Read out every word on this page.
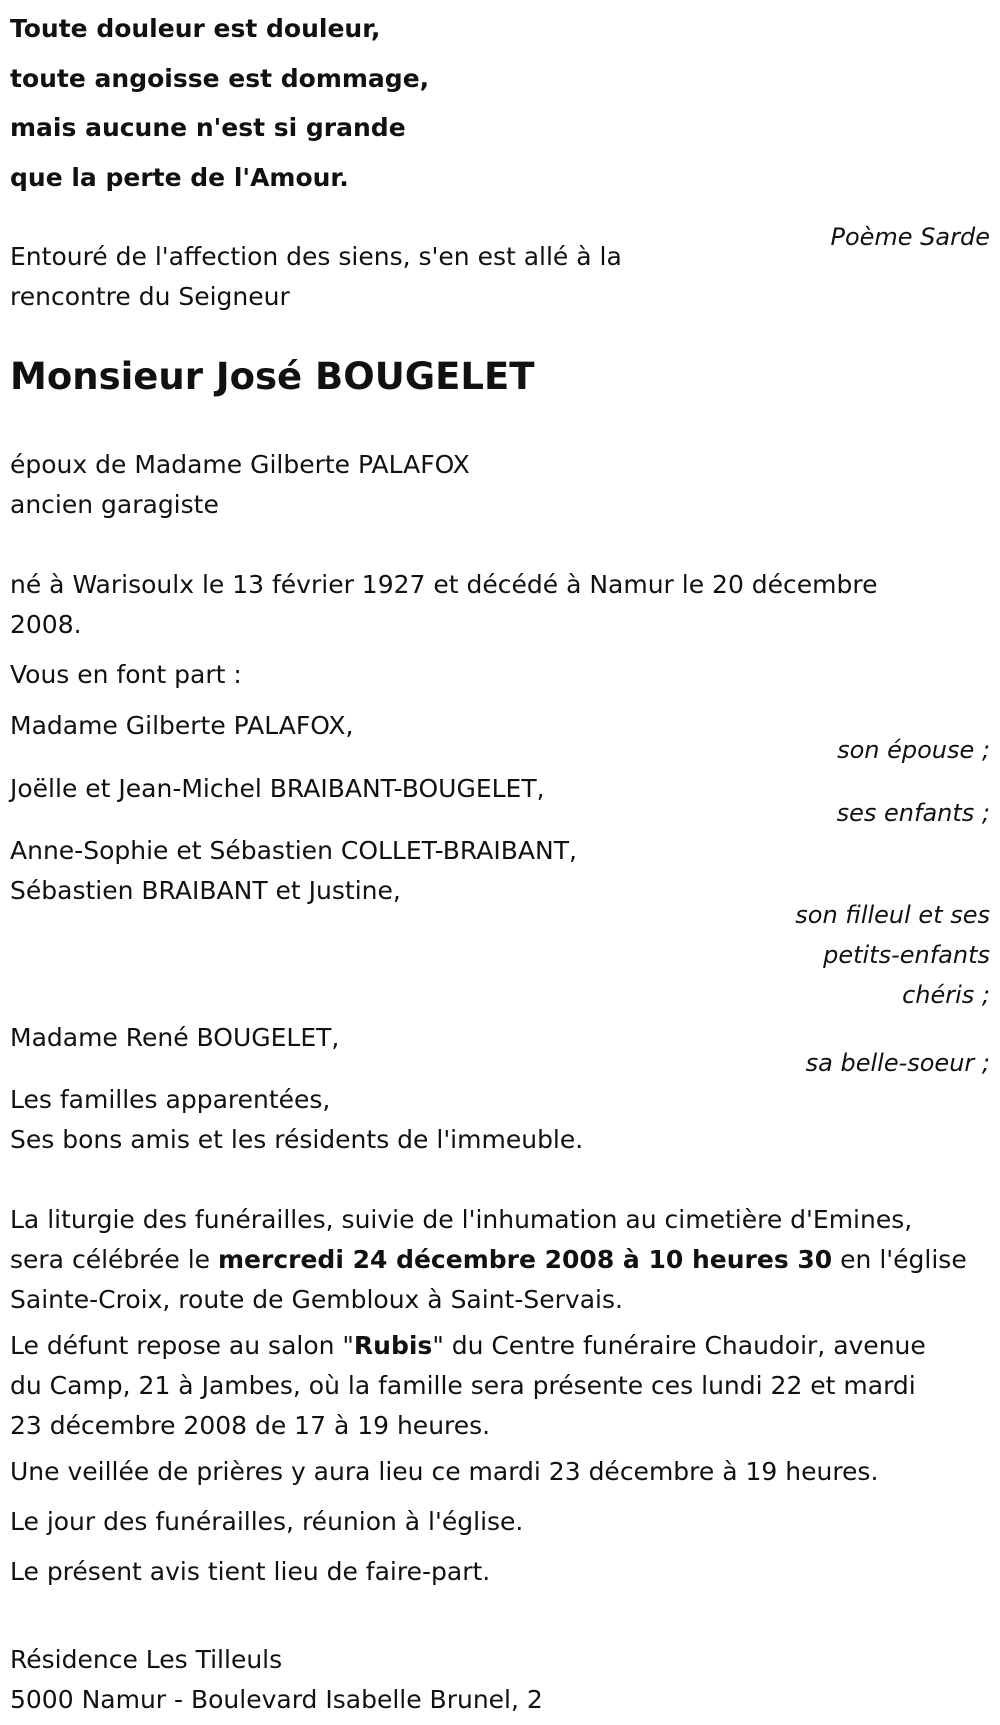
Toute douleur est douleur,
toute angoisse est dommage,
mais aucune n'est si grande
que la perte de l'Amour.
Poème Sarde
Entouré de l'affection des siens, s'en est allé à la
rencontre du Seigneur
Monsieur José BOUGELET
époux de Madame Gilberte PALAFOX
ancien garagiste
né à Warisoulx le 13 février 1927 et décédé à Namur le 20 décembre
2008.
Vous en font part :
Madame Gilberte PALAFOX,
son épouse ;
Joëlle et Jean-Michel BRAIBANT-BOUGELET,
ses enfants ;
Anne-Sophie et Sébastien COLLET-BRAIBANT,
Sébastien BRAIBANT et Justine,
son filleul et ses
petits-enfants
chéris ;
Madame René BOUGELET,
sa belle-soeur ;
Les familles apparentées,
Ses bons amis et les résidents de l'immeuble.
La liturgie des funérailles, suivie de l'inhumation au cimetière d'Emines,
sera célébrée le mercredi 24 décembre 2008 à 10 heures 30 en l'église
Sainte-Croix, route de Gembloux à Saint-Servais.
Le défunt repose au salon "Rubis" du Centre funéraire Chaudoir, avenue
du Camp, 21 à Jambes, où la famille sera présente ces lundi 22 et mardi
23 décembre 2008 de 17 à 19 heures.
Une veillée de prières y aura lieu ce mardi 23 décembre à 19 heures.
Le jour des funérailles, réunion à l'église.
Le présent avis tient lieu de faire-part.
Résidence Les Tilleuls
5000 Namur - Boulevard Isabelle Brunel, 2
